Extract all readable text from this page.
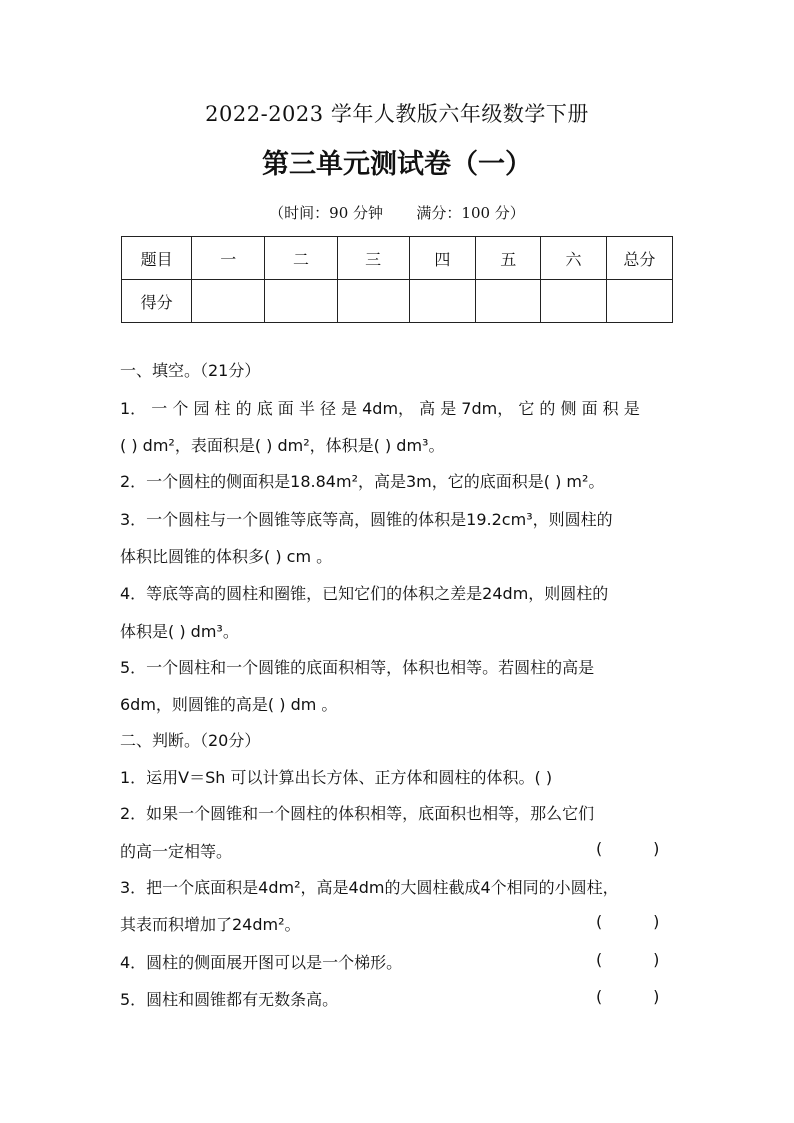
2022-2023 学年人教版六年级数学下册
第三单元测试卷（一）
（时间：90 分钟       满分：100 分）
题目	一	二	三	四	五	六	总分
得分							
一、填空。（21分）
1． 一 个 园 柱 的 底 面 半 径 是 4dm， 高 是 7dm， 它 的 侧 面 积 是
( ) dm²，表面积是( ) dm²，体积是( ) dm³。
2．一个圆柱的侧面积是18.84m²，高是3m，它的底面积是( ) m²。
3．一个圆柱与一个圆锥等底等高，圆锥的体积是19.2cm³，则圆柱的
体积比圆锥的体积多( ) cm 。
4．等底等高的圆柱和圈锥，已知它们的体积之差是24dm，则圆柱的
体积是( ) dm³。
5．一个圆柱和一个圆锥的底面积相等，体积也相等。若圆柱的高是
6dm，则圆锥的高是( ) dm 。
二、判断。（20分）
1．运用V＝Sh 可以计算出长方体、正方体和圆柱的体积。( )
2．如果一个圆锥和一个圆柱的体积相等，底面积也相等，那么它们
的高一定相等。	(          )
3．把一个底面积是4dm²，高是4dm的大圆柱截成4个相同的小圆柱，
其表而积增加了24dm²。	(          )
4．圆柱的侧面展开图可以是一个梯形。	(          )
5．圆柱和圆锥都有无数条高。	(          )
